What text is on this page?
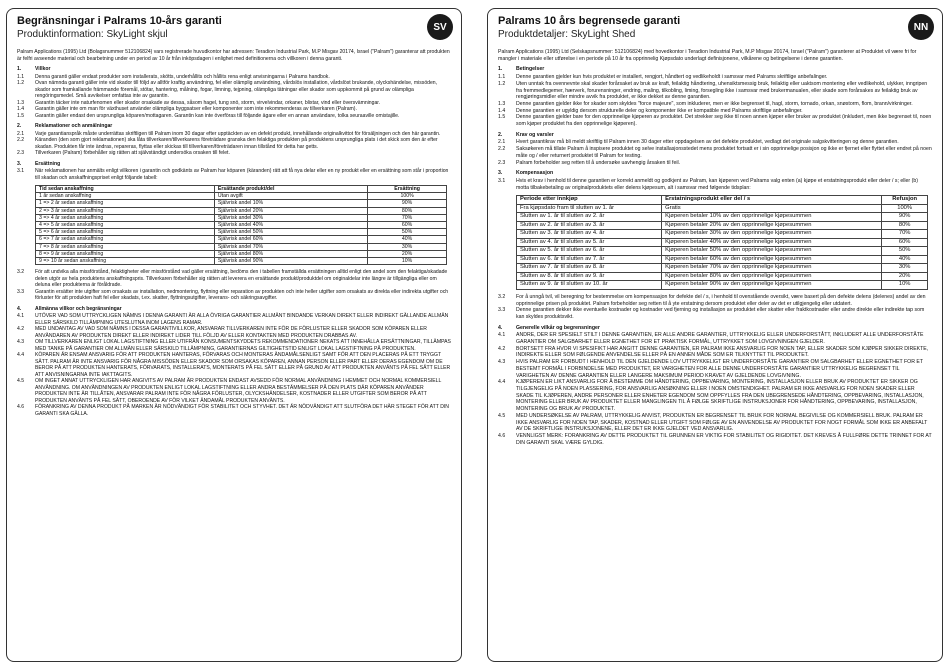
Begränsningar i Palrams 10-års garanti

Produktinformation: SkyLight skjul

SV
Palram Applications (1995) Ltd (Bolagsnummer 512106824) vars registrerade huvudkontor har adressen: Teradion Industrial Park, M.P Misgav 20174, Israel ("Palram") garanterar att produkten är felfri avseende material och bearbetning under en period av 10 år från inköpsdagen i enlighet med definitionerna och villkoren i denna garanti.
1.	Villkor
1.1	Denna garanti gäller endast produkter som installerats, skötts, underhållits och hållits rena enligt anvisningarna i Palrams handbok.
1.2	Ovan nämnda garanti gäller inte vid skador till följd av alltför kraftig användning, fel eller olämplig användning, vårdslös installation, vårdslöst brukande, olyckshändelse, missöden, skador som framkallande främmande föremål, stötar, hantering, målning, fogar, limning, tejpning, olämpliga tätningar eller skador som uppkommit på grund av olämpliga rengöringsmedel. Små avvikelser omfattas inte av garantin.
1.3	Garantin täcker inte naturfenomen eller skador orsakade av dessa, såsom hagel, tung snö, storm, virvelvindar, orkaner, blixtar, vind eller översvämningar.
1.4	Garantin gäller inte om man för växthuset använder olämpliga byggsatser eller komponenter som inte rekommenderas av tillverkaren (Palram).
1.5	Garantin gäller endast den ursprungliga köparen/mottagaren. Garantin kan inte överföras till följande ägare eller en annan användare, tolka seuraaville omistajille.
2.	Reklamationer och anmälningar
2.1	Varje garantianspråk måste underrättas skriftligen till Palram inom 30 dagar efter upptäckten av en defekt produkt, innehållande originalkvittot för försäljningen och den här garantin.
2.2	Käranden (den som gjort reklamationen) ska låta tillverkaren/tillverkarens företrädare granska den felaktiga produkten på produktens ursprungliga plats i det skick som den är efter skadan. Produkten får inte ändras, repareras, flyttas eller skickas till tillverkaren/företrädaren innan tillstånd för detta har getts.
2.3	Tillverkaren (Palram) förbehåller sig rätten att självständigt undersöka orsaken till felet.
3.	Ersättning
3.1	När reklamationen har anmälts enligt villkoren i garantin och godkänts av Palram har köparen (käranden) rätt att få nya delar eller en ny produkt eller en ersättning som står i proportion till skadan och anskaffningspriset enligt följande tabell:
Tid sedan anskaffning	Ersättande produkt/del	Ersättning
1 år sedan anskaffning	Utan avgift	100%
1 => 2 år sedan anskaffning	Självrisk andel 10%	90%
2 => 3 år sedan anskaffning	Självrisk andel 20%	80%
3 => 4 år sedan anskaffning	Självrisk andel 30%	70%
4 => 5 år sedan anskaffning	Självrisk andel 40%	60%
5 => 6 år sedan anskaffning	Självrisk andel 50%	50%
6 => 7 år sedan anskaffning	Självrisk andel 60%	40%
7 => 8 år sedan anskaffning	Självrisk andel 70%	30%
8 => 9 år sedan anskaffning	Självrisk andel 80%	20%
9 => 10 år sedan anskaffning	Självrisk andel 90%	10%
3.2	För att undvika alla missförstånd, felaktigheter eller missförstånd vad gäller ersättning, bedöms den i tabellen framställda ersättningen alltid enligt den andel som den felaktiga/skadade delen utgör av hela produktens anskaffningspris. Tillverkaren förbehåller sig rätten att leverera en ersättande produkt/produktdel om originaldelar inte längre är tillgängliga eller om deluna eller produkterna är föråldrade.
3.3	Garantin ersätter inte utgifter som orsakats av installation, nedmontering, flyttning eller reparation av produkten och inte heller utgifter som orsakats av direkta eller indirekta utgifter och förluster för att produkten haft fel eller skadats, t.ex. skatter, flyttningsutgifter, leverans- och säkringsavgifter.
4.	Allmänna villkor och begränsningar
4.1	UTÖVER VAD SOM UTTRYCKLIGEN NÄMNS I DENNA GARANTI ÄR ALLA ÖVRIGA GARANTIER ALLMÄNT BINDANDE VERKAN DIREKT ELLER INDIREKT GÄLLANDE ALLMÄN ELLER SÄRSKILD TILLÄMPNING UTESLUTNA INOM LAGENS RAMAR.
4.2	MED UNDANTAG AV VAD SOM NÄMNS I DESSA GARANTIVILLKOR, ANSVARAR TILLVERKAREN INTE FÖR DE FÖRLUSTER ELLER SKADOR SOM KÖPAREN ELLER ANVÄNDAREN AV PRODUKTEN DIREKT ELLER INDIREKT LIDER TILL FÖLJD AV ELLER KONTAKTEN MED PRODUKTEN DRABBAS AV.
4.3	OM TILLVERKAREN ENLIGT LOKAL LAGSTIFTNING ELLER UTIFRÅN KONSUMENTSKYDDETS REKOMMENDATIONER NEKATS ATT INNEHÅLLA ERSÄTTNINGAR, TILLÄMPAS MED TANKE PÅ GARANTIER OM ALLMÄN ELLER SÄRSKILD TILLÄMPNING, GARANTIERNAS GILTIGHETSTID ENLIGT LOKAL LAGSTIFTNING PÅ PRODUKTEN.
4.4	KÖPAREN ÄR ENSAM ANSVARIG FÖR ATT PRODUKTEN HANTERAS, FÖRVARAS OCH MONTERAS ÄNDAMÅLSENLIGT SAMT FÖR ATT DEN PLACERAS PÅ ETT TRYGGT SÄTT. PALRAM ÄR INTE ANSVARIG FÖR NÅGRA MISSÖDEN ELLER SKADOR SOM ORSAKAS KÖPAREN, ANNAN PERSON ELLER PART ELLER DERAS EGENDOM OM DE BEROR PÅ ATT PRODUKTEN HANTERATS, FÖRVARATS, INSTALLERATS, MONTERATS PÅ FEL SÄTT ELLER PÅ GRUND AV ATT PRODUKTEN ANVÄNTS PÅ FEL SÄTT ELLER ATT ANVISNINGARNA INTE IAKTTAGITS.
4.5	OM INGET ANNAT UTTRYCKLIGEN HAR ANGIVITS AV PALRAM ÄR PRODUKTEN ENDAST AVSEDD FÖR NORMAL ANVÄNDNING I HEMMET OCH NORMAL KOMMERSIELL ANVÄNDNING. OM ANVÄNDNINGEN AV PRODUKTEN ENLIGT LOKAL LAGSTIFTNING ELLER ANDRA BESTÄMMELSER PÅ DEN PLATS DÄR KÖPAREN ANVÄNDER PRODUKTEN INTE ÄR TILLÅTEN, ANSVARAR PALRAM INTE FÖR NÅGRA FÖRLUSTER, OLYCKSHÄNDELSER, KOSTNADER ELLER UTGIFTER SOM BEROR PÅ ATT PRODUKTEN ANVÄNTS PÅ FEL SÄTT, OBEROENDE AV FÖR VILKET ÄNDAMÅL PRODUKTEN ANVÄNTS.
4.6	FÖRANKRING AV DENNA PRODUKT PÅ MARKEN ÄR NÖDVÄNDIGT FÖR STABILITET OCH STYVHET. DET ÄR NÖDVÄNDIGT ATT SLUTFÖRA DET HÄR STEGET FÖR ATT DIN GARANTI SKA GÄLLA.

Palrams 10 års begrensede garanti

Produktdetaljer: SkyLight Shed

NN
Palram Applications (1995) Ltd (Selskapsnummer: 512106824) med hovedkontor i Teradion Industrial Park, M.P Misgav 20174, Israel ("Palram") garanterer at Produktet vil være fri for mangler i materiale eller utførelse i en periode på 10 år fra opprinnelig Kjøpsdato underlagt definisjonene, vilkårene og betingelsene i denne garantien.
1.	Betingelser
1.1	Denne garantien gjelder kun hvis produktet er installert, rengjort, håndtert og vedlikeholdt i samsvar med Palrams skriftlige anbefalinger.
1.2	Uten unntak fra ovennevnte skal skader forårsaket av bruk av kraft, feilaktig håndtering, uhensiktsmessig bruk, feilaktig eller uaktsom montering eller vedlikehold, ulykker, inngripen fra fremmedlegemer, hærverk, forurensninger, endring, maling, tilkobling, liming, forsegling ikke i samsvar med brukermanualen, eller skade som forårsakes av feilaktig bruk av rengjøringsmidler eller mindre avvik fra produktet, er ikke dekket av denne garantien.
1.3	Denne garantien gjelder ikke for skader som skyldes "force majeure", som inkluderer, men er ikke begrenset til, hagl, storm, tornado, orkan, snøstorm, flom, brann/virkninger.
1.4	Denne garantien er ugyldig dersom strukturelle deler og komponenter ikke er kompatible med Palrams skriftlige anbefalinger.
1.5	Denne garantien gjelder bare for den opprinnelige kjøperen av produktet. Det strekker seg ikke til noen annen kjøper eller bruker av produktet (inkludert, men ikke begrenset til, noen som kjøper produktet fra den opprinnelige kjøperen).
2.	Krav og varsler
2.1	Hvert garantikrav må bli meldt skriftlig til Palram innen 30 dager etter oppdagelsen av det defekte produktet, vedlagt det originale salgskvitteringen og denne garantien.
2.2	Saksøkeren må tillate Palram å inspisere produktet og selve installasjonsstedet mens produktet fortsatt er i sin opprinnelige posisjon og ikke er fjernet eller flyttet eller endret på noen måte og / eller returnert produktet til Palram for testing.
2.3	Palram forbeholder seg retten til å undersøke uavhengig årsaken til feil.
3.	Kompensasjon
3.1	Hvis et krav i henhold til denne garantien er korrekt anmeldt og godkjent av Palram, kan kjøperen ved Palrams valg enten (a) kjøpe et erstatningsprodukt eller deler / s; eller (b) motta tilbakebetaling av originalproduktets eller delens kjøpesum, alt i samsvar med følgende tidsplan:
Periode etter innkjøp	Erstatningsprodukt eller del / s	Refusjon
Fra kjøpsdato fram til slutten av 1. år	Gratis	100%
Slutten av 1. år til slutten av 2. år	Kjøperen betaler 10% av den opprinnelige kjøpesummen	90%
Slutten av 2. år til slutten av 3. år	Kjøperen betaler 20% av den opprinnelige kjøpesummen	80%
Slutten av 3. år til slutten av 4. år	Kjøperen betaler 30% av den opprinnelige kjøpesummen	70%
Slutten av 4. år til slutten av 5. år	Kjøperen betaler 40% av den opprinnelige kjøpesummen	60%
Slutten av 5. år til slutten av 6. år	Kjøperen betaler 50% av den opprinnelige kjøpesummen	50%
Slutten av 6. år til slutten av 7. år	Kjøperen betaler 60% av den opprinnelige kjøpesummen	40%
Slutten av 7. år til slutten av 8. år	Kjøperen betaler 70% av den opprinnelige kjøpesummen	30%
Slutten av 8. år til slutten av 9. år	Kjøperen betaler 80% av den opprinnelige kjøpesummen	20%
Slutten av 9. år til slutten av 10. år	Kjøperen betaler 90% av den opprinnelige kjøpesummen	10%
3.2	For å unngå tvil, vil beregning for bestemmelse om kompensasjon for defekte del / s, i henhold til ovenstående oversikt, være basert på den defekte delens (delenes) andel av den opprinnelige prisen på produktet. Palram forbeholder seg retten til å yte erstatning dersom produktet eller deler av det er utilgjengelig eller utdatert.
3.3	Denne garantien dekker ikke eventuelle kostnader og kostnader ved fjerning og installasjon av produktet eller skatter eller fraktkostnader eller andre direkte eller indirekte tap som kan skyldes produktsvikt.
4.	Generelle vilkår og begrensninger
4.1	ANDRE, DER ER SPESIELT STILT I DENNE GARANTIEN, ER ALLE ANDRE GARANTIER, UTTRYKKELIG ELLER UNDERFORSTÅTT, INKLUDERT ALLE UNDERFORSTÅTE GARANTIER OM SALGBARHET ELLER EGNETHET FOR ET PRAKTISK FORMÅL, UTTRYKKET SOM LOVGIVNINGEN GJELDER.
4.2	BORTSETT FRA HVOR VI SPESIFIKT HAR ANGITT DENNE GARANTIEN, ER PALRAM IKKE ANSVARLIG FOR NOEN TAP, ELLER SKADER SOM KJØPER SIKKER DIREKTE, INDIREKTE ELLER SOM FØLGENDE ANVENDELSE ELLER PÅ EN ANNEN MÅDE SOM ER TILKNYTTET TIL PRODUKTET.
4.3	HVIS PALRAM ER FORBUDT I HENHOLD TIL DEN GJELDENDE LOV UTTRYKKELIGT ER UNDERFORSTÅTE GARANTIER OM SALGBARHET ELLER EGNETHET FOR ET BESTEMT FORMÅL I FORBINDELSE MED PRODUKTET, ER VARIGHETEN FOR ALLE DENNE UNDERFORSTÅTE GARANTIER UTTRYKKELIG BEGRENSET TIL VARIGHETEN AV DENNE GARANTIEN ELLER LANGERE MAKSIMUM PERIOD KRAVET AV GJELDENDE LOVGIVNING.
4.4	KJØPEREN ER LIKT ANSVARLIG FOR Å BESTEMME OM HÅNDTERING, OPPBEVARING, MONTERING, INSTALLASJON ELLER BRUK AV PRODUKTET ER SIKKER OG TILGJENGELIG PÅ NOEN PLASSERING, FOR ANSVARLIG ANSØKNING ELLER I NOEN OMSTENDIGHET. PALRAM ER IKKE ANSVARLIG FOR NOEN SKADER ELLER SKADE TIL KJØPEREN, ANDRE PERSONER ELLER ENHETER EGENDOM SOM OPPFYLLES FRA DEN UBEGRENSEDE HÅNDTERING, OPPBEVARING, INSTALLASJON, MONTERING ELLER BRUK AV PRODUKTET ELLER MANGLINGEN TIL Å FØLGE SKRIFTLIGE INSTRUKSJONER FOR HÅNDTERING, OPPBEVARING, INSTALLASJON, MONTERING OG BRUK AV PRODUKTET.
4.5	MED UNDERSØKELSE AV PALRAM, UTTRYKKELIG ANVIST, PRODUKTEN ER BEGRENSET TIL BRUK FOR NORMAL BEGIVILSE OG KOMMERSIELL BRUK. PALRAM ER IKKE ANSVARLIG FOR NOEN TAP, SKADER, KOSTNAD ELLER UTGIFT SOM FØLGE AV EN ANVENDELSE AV PRODUKTET FOR NOGT FORMÅL SOM IKKE ER ANBEFALT AV DE SKRIFTLIGE INSTRUKSJONENE, ELLER DET ER IKKE GJELDET VED ANSVARLIG.
4.6	VENNLIGST MERK: FORANKRING AV DETTE PRODUKTET TIL GRUNNEN ER VIKTIG FOR STABILITET OG RIGIDITET. DET KREVES Å FULLFØRE DETTE TRINNET FOR AT DIN GARANTI SKAL VÆRE GYLDIG.
